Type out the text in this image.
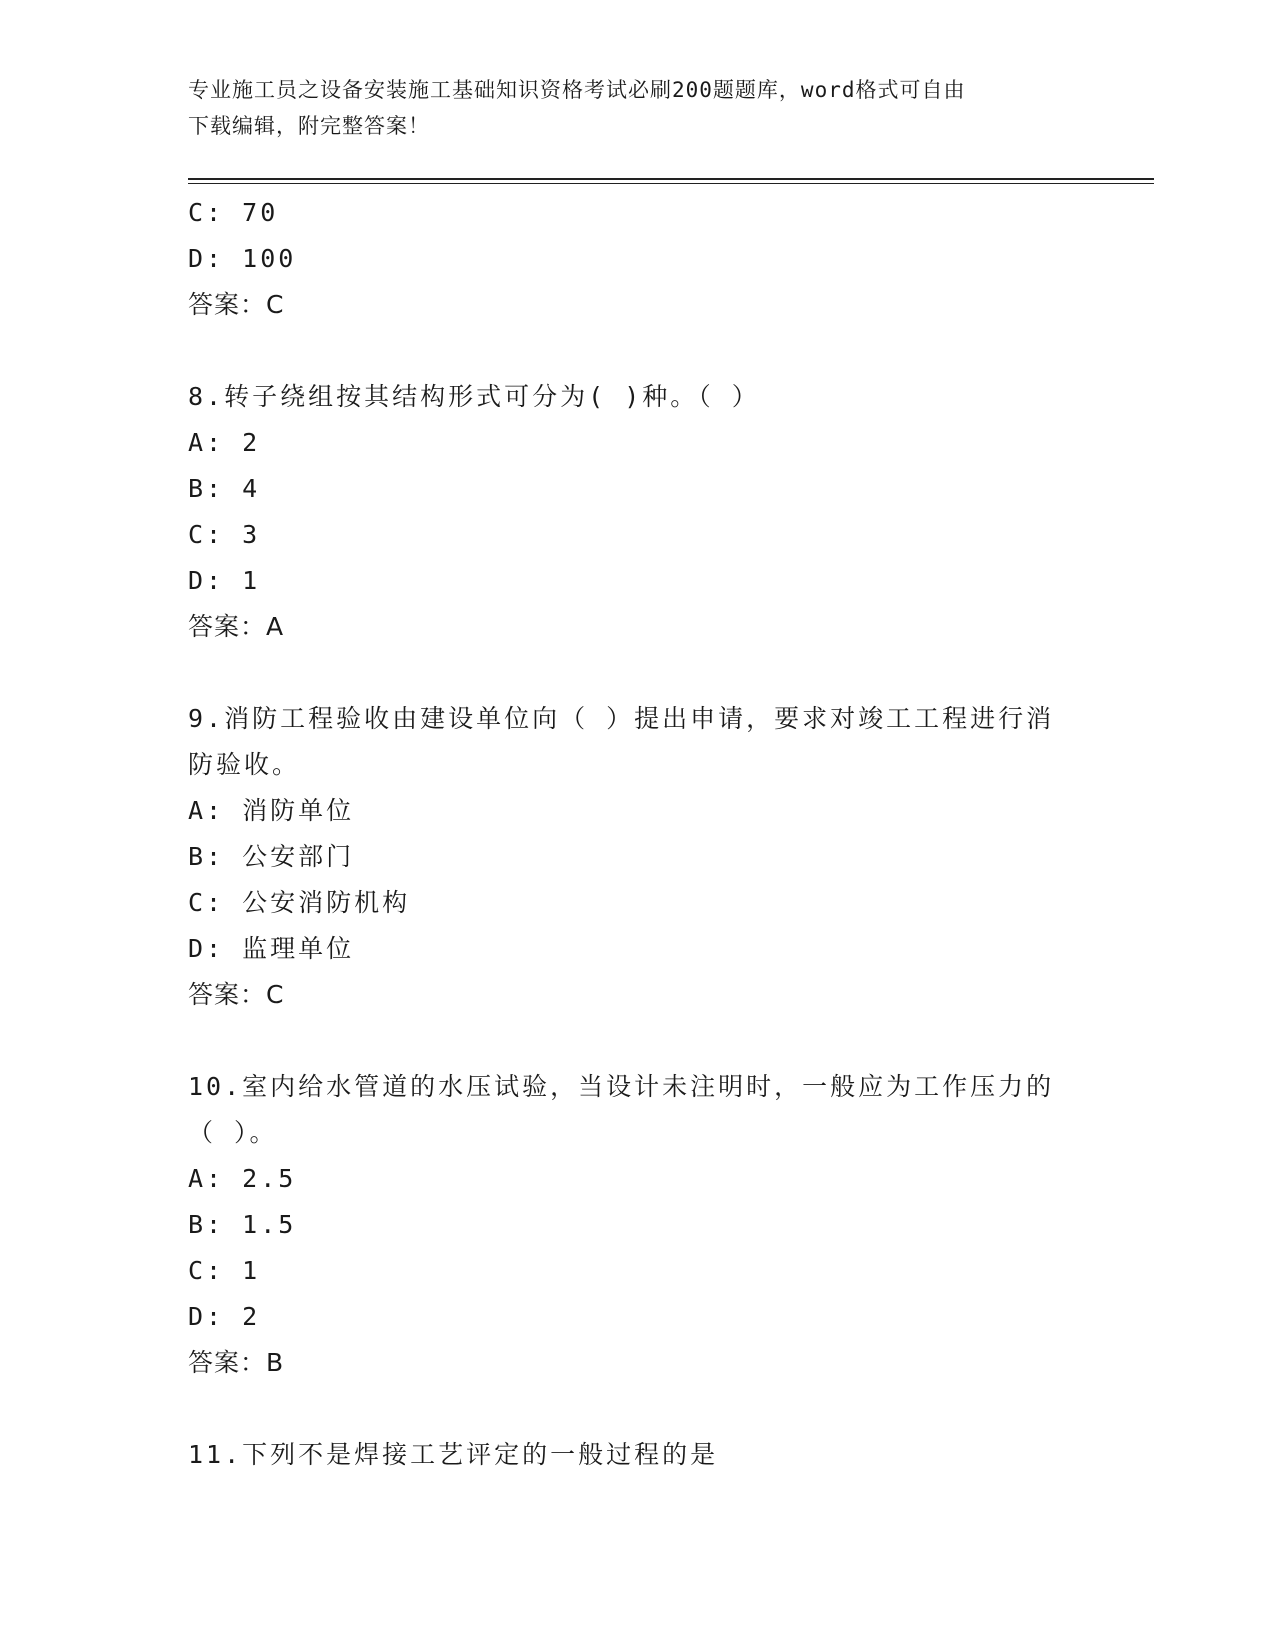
专业施工员之设备安装施工基础知识资格考试必刷200题题库，word格式可自由
下载编辑，附完整答案！
C: 70
D: 100
答案：C
8.转子绕组按其结构形式可分为( )种。（ ）
A: 2
B: 4
C: 3
D: 1
答案：A
9.消防工程验收由建设单位向（ ）提出申请，要求对竣工工程进行消
防验收。
A: 消防单位
B: 公安部门
C: 公安消防机构
D: 监理单位
答案：C
10.室内给水管道的水压试验，当设计未注明时，一般应为工作压力的
（ ）。
A: 2.5
B: 1.5
C: 1
D: 2
答案：B
11.下列不是焊接工艺评定的一般过程的是
